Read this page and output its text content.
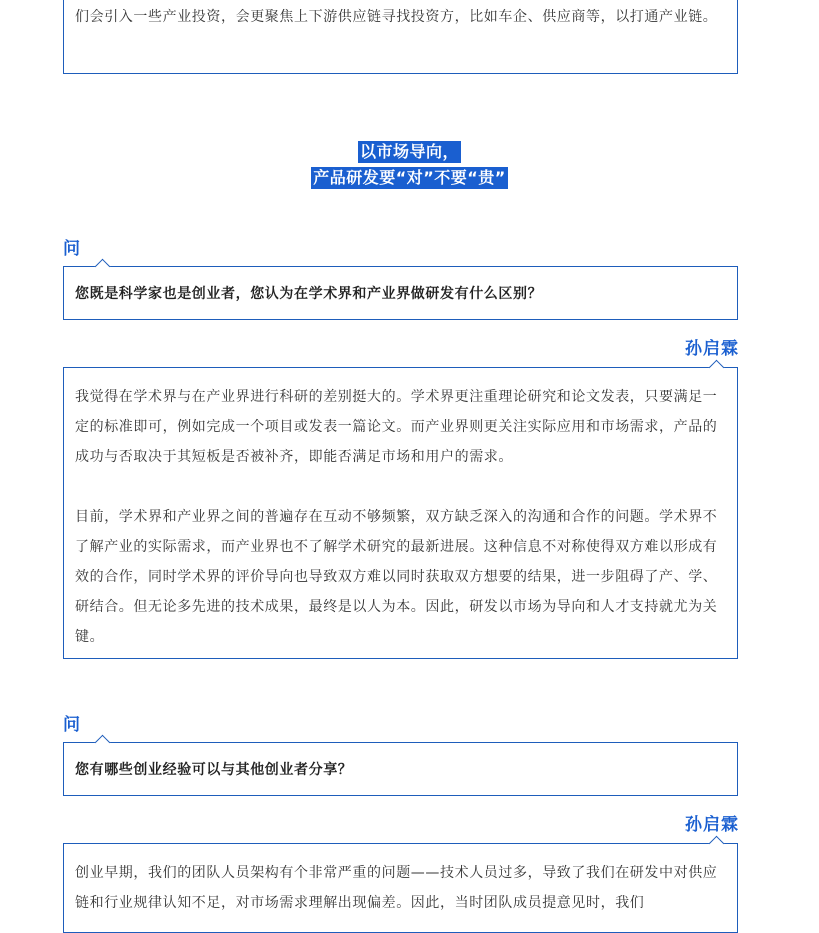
们会引入一些产业投资，会更聚焦上下游供应链寻找投资方，比如车企、供应商等，以打通产业链。

以市场导向，
产品研发要“对”不要“贵”
问

您既是科学家也是创业者，您认为在学术界和产业界做研发有什么区别？

孙启霖

我觉得在学术界与在产业界进行科研的差别挺大的。学术界更注重理论研究和论文发表，只要满足一定的标准即可，例如完成一个项目或发表一篇论文。而产业界则更关注实际应用和市场需求，产品的成功与否取决于其短板是否被补齐，即能否满足市场和用户的需求。

目前，学术界和产业界之间的普遍存在互动不够频繁，双方缺乏深入的沟通和合作的问题。学术界不了解产业的实际需求，而产业界也不了解学术研究的最新进展。这种信息不对称使得双方难以形成有效的合作，同时学术界的评价导向也导致双方难以同时获取双方想要的结果，进一步阻碍了产、学、研结合。但无论多先进的技术成果，最终是以人为本。因此，研发以市场为导向和人才支持就尤为关键。

问

您有哪些创业经验可以与其他创业者分享？

孙启霖

创业早期，我们的团队人员架构有个非常严重的问题——技术人员过多，导致了我们在研发中对供应链和行业规律认知不足，对市场需求理解出现偏差。因此，当时团队成员提意见时，我们
